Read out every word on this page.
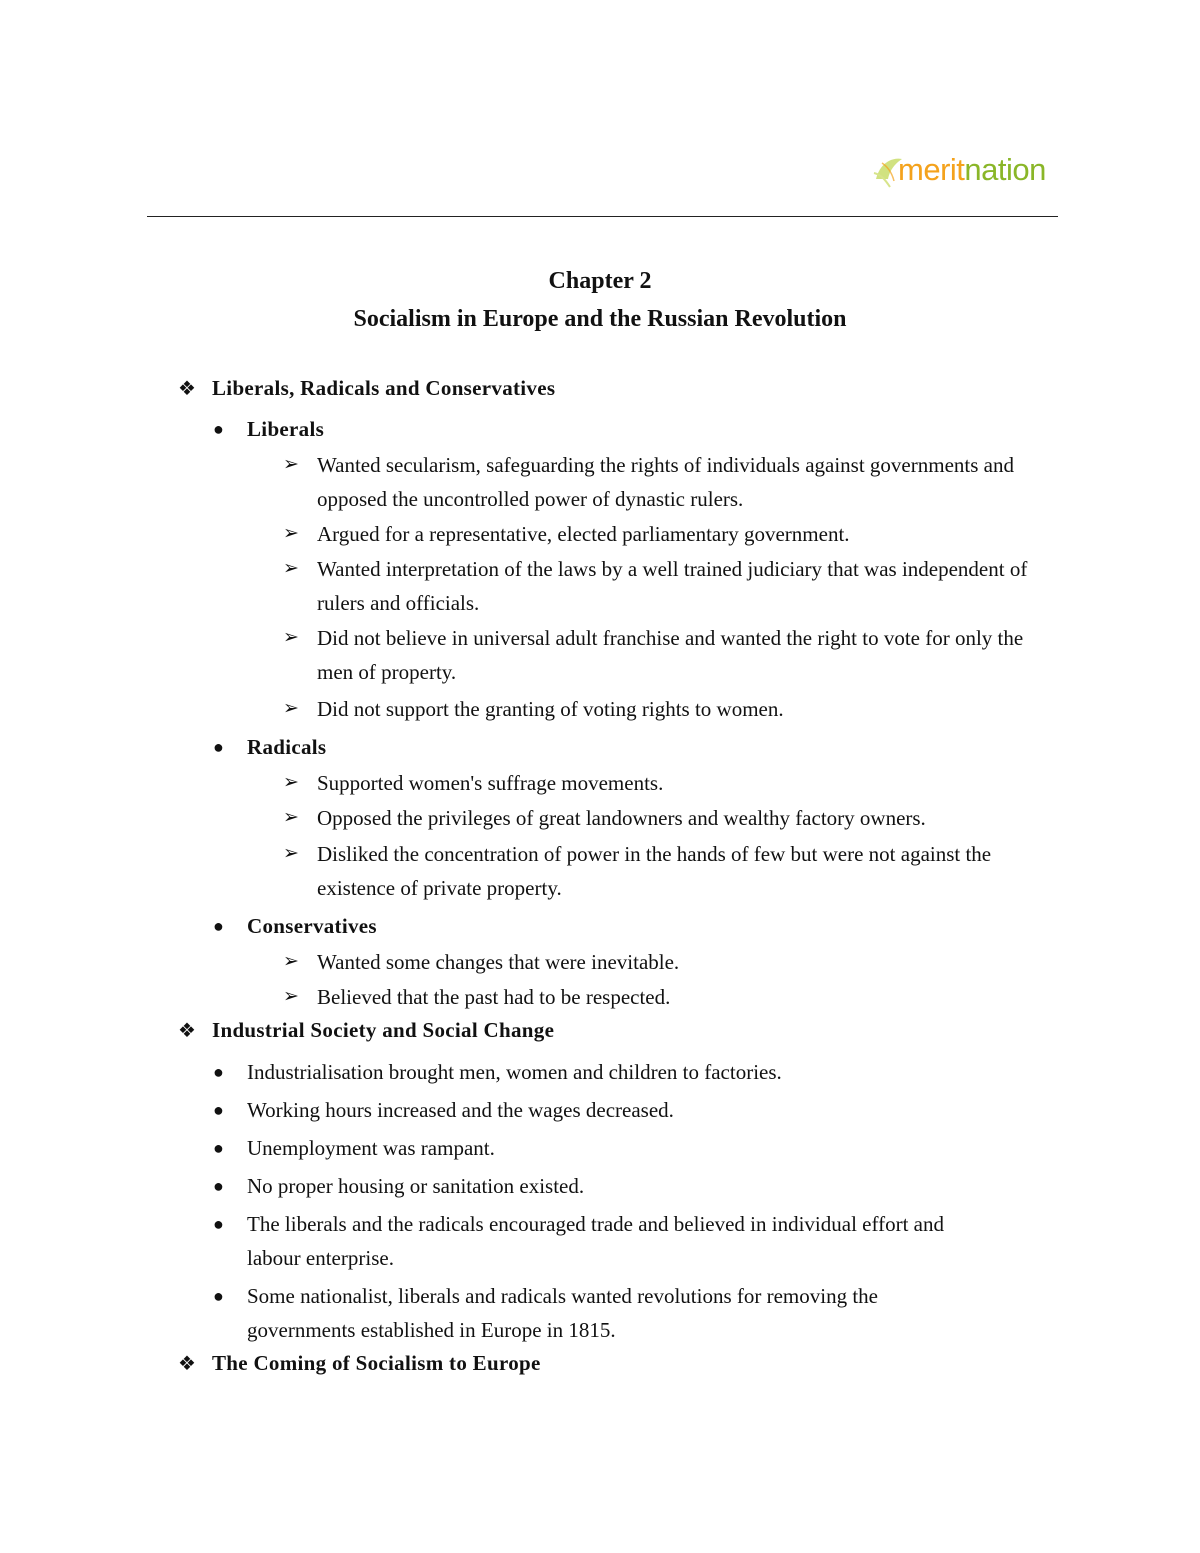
meritnation
Chapter 2
Socialism in Europe and the Russian Revolution
❖ Liberals, Radicals and Conservatives
●	Liberals
➢ Wanted secularism, safeguarding the rights of individuals against governments and opposed the uncontrolled power of dynastic rulers.
➢ Argued for a representative, elected parliamentary government.
➢ Wanted interpretation of the laws by a well trained judiciary that was independent of rulers and officials.
➢ Did not believe in universal adult franchise and wanted the right to vote for only the men of property.
➢ Did not support the granting of voting rights to women.
●	Radicals
➢ Supported women's suffrage movements.
➢ Opposed the privileges of great landowners and wealthy factory owners.
➢ Disliked the concentration of power in the hands of few but were not against the existence of private property.
●	Conservatives
➢ Wanted some changes that were inevitable.
➢ Believed that the past had to be respected.
❖ Industrial Society and Social Change
●	Industrialisation brought men, women and children to factories.
●	Working hours increased and the wages decreased.
●	Unemployment was rampant.
●	No proper housing or sanitation existed.
●	The liberals and the radicals encouraged trade and believed in individual effort and labour enterprise.
●	Some nationalist, liberals and radicals wanted revolutions for removing the governments established in Europe in 1815.
❖ The Coming of Socialism to Europe
